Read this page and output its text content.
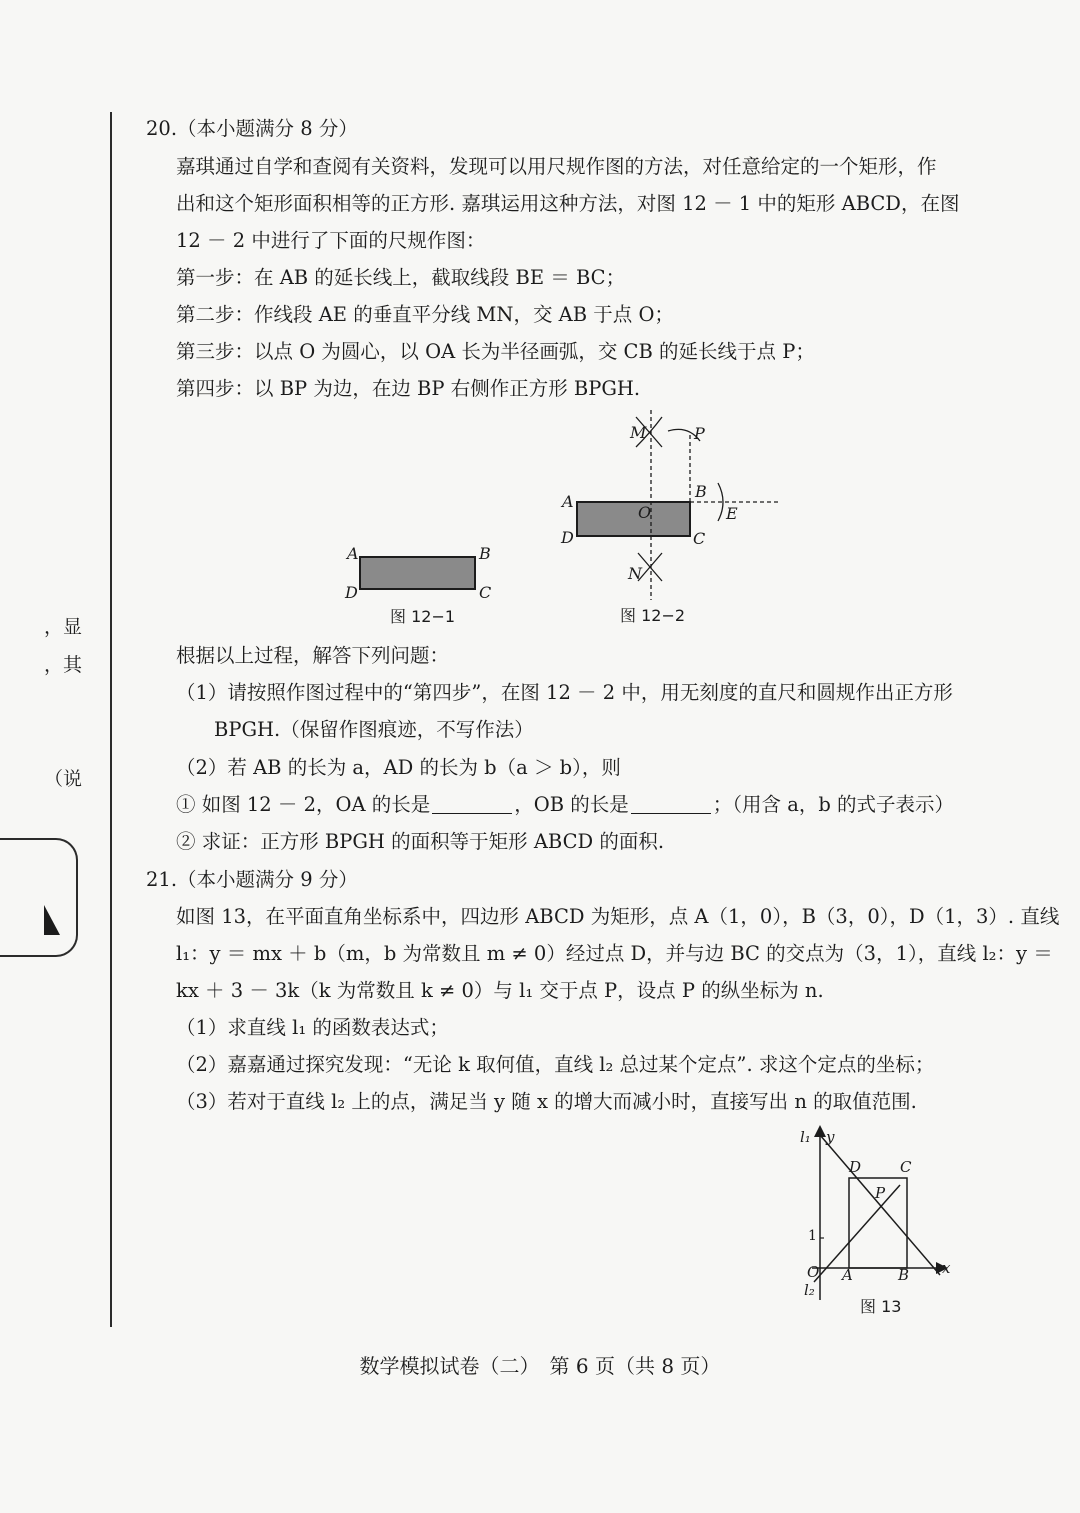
，显
，其
（说
20.（本小题满分 8 分）
嘉琪通过自学和查阅有关资料，发现可以用尺规作图的方法，对任意给定的一个矩形，作
出和这个矩形面积相等的正方形. 嘉琪运用这种方法，对图 12 － 1 中的矩形 ABCD，在图
12 － 2 中进行了下面的尺规作图：
第一步：在 AB 的延长线上，截取线段 BE ＝ BC；
第二步：作线段 AE 的垂直平分线 MN，交 AB 于点 O；
第三步：以点 O 为圆心，以 OA 长为半径画弧，交 CB 的延长线于点 P；
第四步：以 BP 为边，在边 BP 右侧作正方形 BPGH.
A	B
D	C
图 12−1
M	P
A
B
O	E
D	C
N
图 12−2
根据以上过程，解答下列问题：
（1）请按照作图过程中的“第四步”，在图 12 － 2 中，用无刻度的直尺和圆规作出正方形
BPGH.（保留作图痕迹，不写作法）
（2）若 AB 的长为 a，AD 的长为 b（a ＞ b），则
① 如图 12 － 2，OA 的长是	，OB 的长是	；（用含 a，b 的式子表示）
② 求证：正方形 BPGH 的面积等于矩形 ABCD 的面积.
21.（本小题满分 9 分）
如图 13，在平面直角坐标系中，四边形 ABCD 为矩形，点 A（1，0），B（3，0），D（1，3）. 直线
l₁：y ＝ mx ＋ b（m，b 为常数且 m ≠ 0）经过点 D，并与边 BC 的交点为（3，1），直线 l₂：y ＝
kx ＋ 3 － 3k（k 为常数且 k ≠ 0）与 l₁ 交于点 P，设点 P 的纵坐标为 n.
（1）求直线 l₁ 的函数表达式；
（2）嘉嘉通过探究发现：“无论 k 取何值，直线 l₂ 总过某个定点”. 求这个定点的坐标；
（3）若对于直线 l₂ 上的点，满足当 y 随 x 的增大而减小时，直接写出 n 的取值范围.
l₁ y
D	C
P
1
O A	B x
l₂
图 13
数学模拟试卷（二）　第 6 页（共 8 页）
